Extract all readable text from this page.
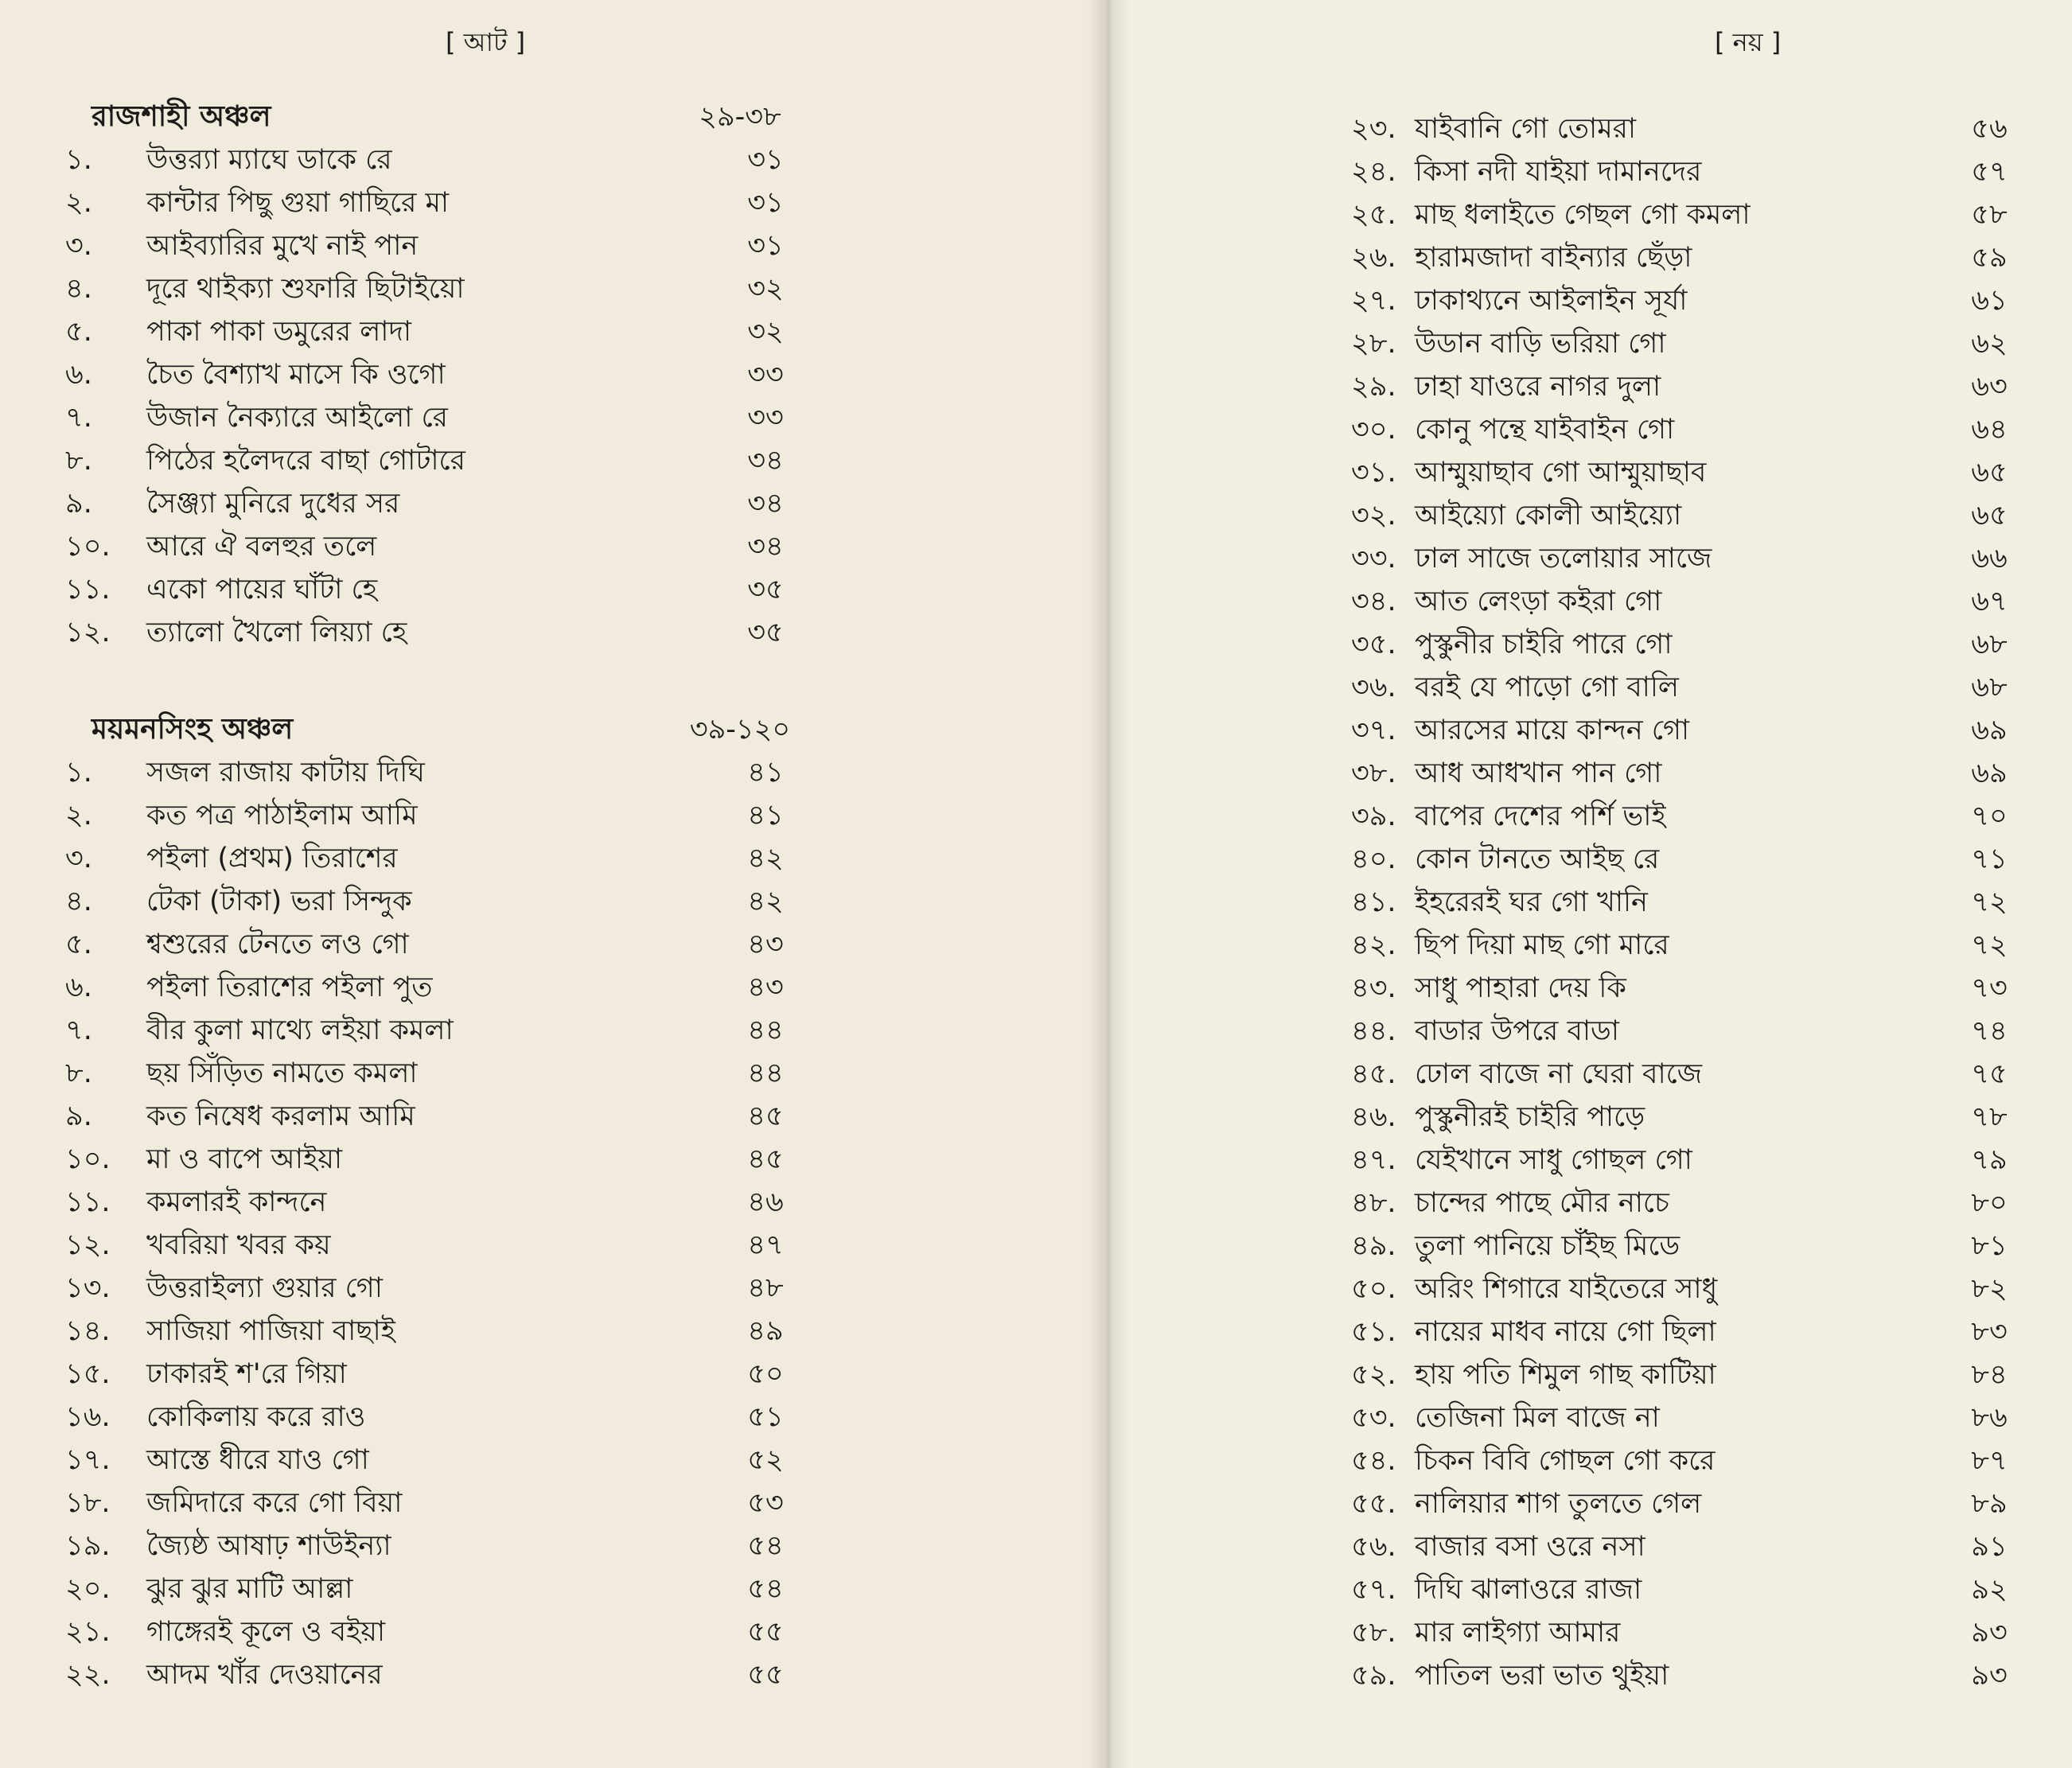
[ আট ]	[ নয় ]
রাজশাহী অঞ্চল	২৯-৩৮
১. উত্তর‍্যা ম্যাঘে ডাকে রে	৩১
২. কান্টার পিছু গুয়া গাছিরে মা	৩১
৩. আইব্যারির মুখে নাই পান	৩১
৪. দূরে থাইক্যা শুফারি ছিটাইয়ো	৩২
৫. পাকা পাকা ডমুরের লাদা	৩২
৬. চৈত বৈশ্যাখ মাসে কি ওগো	৩৩
৭. উজান নৈক্যারে আইলো রে	৩৩
৮. পিঠের হলৈদরে বাছা গোটারে	৩৪
৯. সৈঞ্জ্যা মুনিরে দুধের সর	৩৪
১০. আরে ঐ বলহুর তলে	৩৪
১১. একো পায়ের ঘাঁটা হে	৩৫
১২. ত্যালো খৈলো লিয়্যা হে	৩৫
ময়মনসিংহ অঞ্চল	৩৯-১২০
১. সজল রাজায় কাটায় দিঘি	৪১
২. কত পত্র পাঠাইলাম আমি	৪১
৩. পইলা (প্রথম) তিরাশের	৪২
৪. টেকা (টাকা) ভরা সিন্দুক	৪২
৫. শ্বশুরের টেনতে লও গো	৪৩
৬. পইলা তিরাশের পইলা পুত	৪৩
৭. বীর কুলা মাথ্যে লইয়া কমলা	৪৪
৮. ছয় সিঁড়িত নামতে কমলা	৪৪
৯. কত নিষেধ করলাম আমি	৪৫
১০. মা ও বাপে আইয়া	৪৫
১১. কমলারই কান্দনে	৪৬
১২. খবরিয়া খবর কয়	৪৭
১৩. উত্তরাইল্যা গুয়ার গো	৪৮
১৪. সাজিয়া পাজিয়া বাছাই	৪৯
১৫. ঢাকারই শ'রে গিয়া	৫০
১৬. কোকিলায় করে রাও	৫১
১৭. আস্তে ধীরে যাও গো	৫২
১৮. জমিদারে করে গো বিয়া	৫৩
১৯. জ্যৈষ্ঠ আষাঢ় শাউইন্যা	৫৪
২০. ঝুর ঝুর মাটি আল্লা	৫৪
২১. গাঙ্গেরই কূলে ও বইয়া	৫৫
২২. আদম খাঁর দেওয়ানের	৫৫
২৩. যাইবানি গো তোমরা	৫৬
২৪. কিসা নদী যাইয়া দামানদের	৫৭
২৫. মাছ ধলাইতে গেছল গো কমলা	৫৮
২৬. হারামজাদা বাইন্যার ছেঁড়া	৫৯
২৭. ঢাকাথ্যনে আইলাইন সূর্যা	৬১
২৮. উডান বাড়ি ভরিয়া গো	৬২
২৯. ঢাহা যাওরে নাগর দুলা	৬৩
৩০. কোনু পন্থে যাইবাইন গো	৬৪
৩১. আম্মুয়াছাব গো আম্মুয়াছাব	৬৫
৩২. আইয়্যো কোলী আইয়্যো	৬৫
৩৩. ঢাল সাজে তলোয়ার সাজে	৬৬
৩৪. আত লেংড়া কইরা গো	৬৭
৩৫. পুস্কুনীর চাইরি পারে গো	৬৮
৩৬. বরই যে পাড়ো গো বালি	৬৮
৩৭. আরসের মায়ে কান্দন গো	৬৯
৩৮. আধ আধখান পান গো	৬৯
৩৯. বাপের দেশের পর্শি ভাই	৭০
৪০. কোন টানতে আইছ রে	৭১
৪১. ইহরেরই ঘর গো খানি	৭২
৪২. ছিপ দিয়া মাছ গো মারে	৭২
৪৩. সাধু পাহারা দেয় কি	৭৩
৪৪. বাডার উপরে বাডা	৭৪
৪৫. ঢোল বাজে না ঘেরা বাজে	৭৫
৪৬. পুস্কুনীরই চাইরি পাড়ে	৭৮
৪৭. যেইখানে সাধু গোছল গো	৭৯
৪৮. চান্দের পাছে মৌর নাচে	৮০
৪৯. তুলা পানিয়ে চাঁইছ মিডে	৮১
৫০. অরিং শিগারে যাইতেরে সাধু	৮২
৫১. নায়ের মাধব নায়ে গো ছিলা	৮৩
৫২. হায় পতি শিমুল গাছ কাটিয়া	৮৪
৫৩. তেজিনা মিল বাজে না	৮৬
৫৪. চিকন বিবি গোছল গো করে	৮৭
৫৫. নালিয়ার শাগ তুলতে গেল	৮৯
৫৬. বাজার বসা ওরে নসা	৯১
৫৭. দিঘি ঝালাওরে রাজা	৯২
৫৮. মার লাইগ্যা আমার	৯৩
৫৯. পাতিল ভরা ভাত থুইয়া	৯৩
